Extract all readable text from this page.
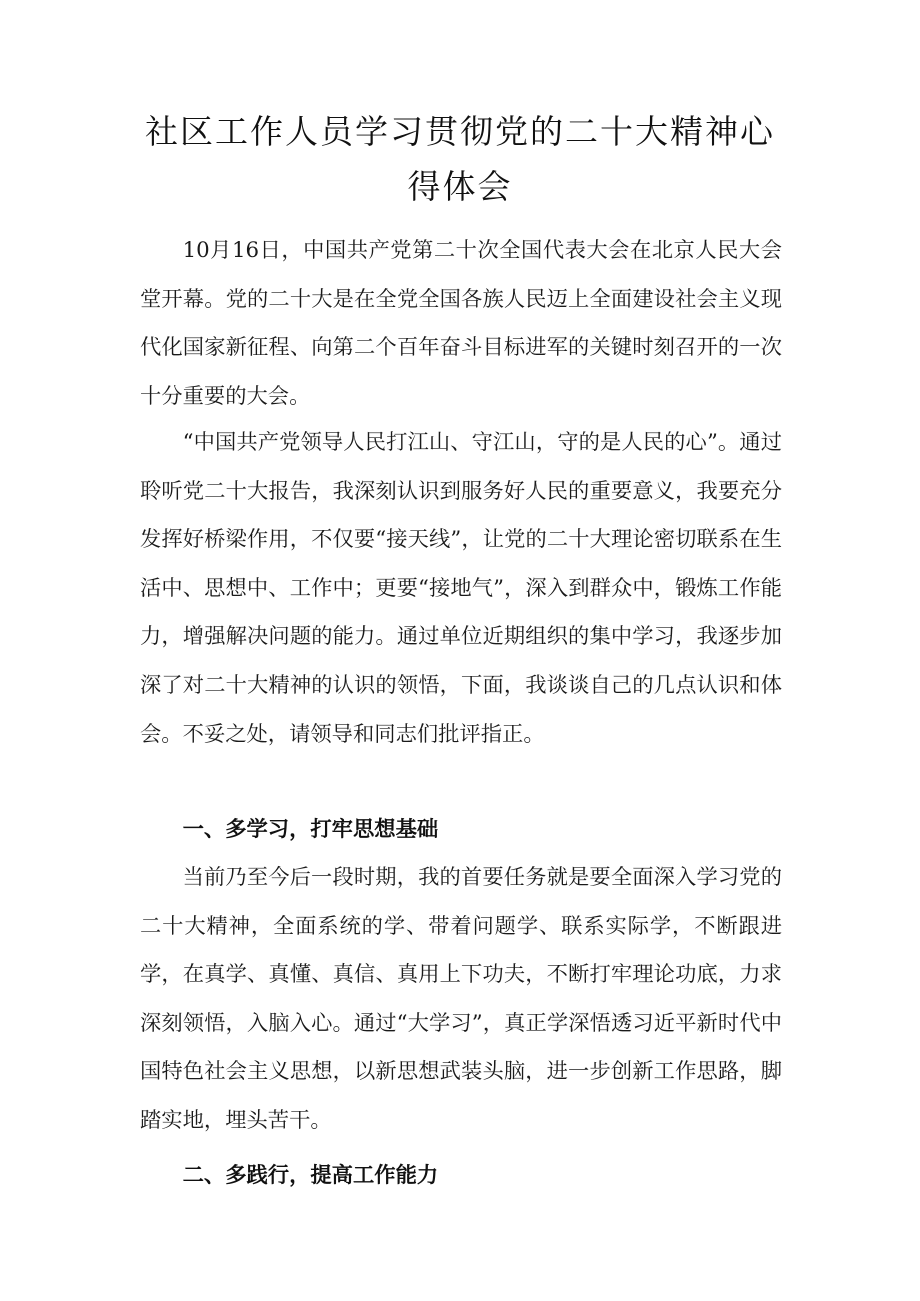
社区工作人员学习贯彻党的二十大精神心得体会

10月16日，中国共产党第二十次全国代表大会在北京人民大会堂开幕。党的二十大是在全党全国各族人民迈上全面建设社会主义现代化国家新征程、向第二个百年奋斗目标进军的关键时刻召开的一次十分重要的大会。

“中国共产党领导人民打江山、守江山，守的是人民的心”。通过聆听党二十大报告，我深刻认识到服务好人民的重要意义，我要充分发挥好桥梁作用，不仅要“接天线”，让党的二十大理论密切联系在生活中、思想中、工作中；更要“接地气”，深入到群众中，锻炼工作能力，增强解决问题的能力。通过单位近期组织的集中学习，我逐步加深了对二十大精神的认识的领悟，下面，我谈谈自己的几点认识和体会。不妥之处，请领导和同志们批评指正。

一、多学习，打牢思想基础

当前乃至今后一段时期，我的首要任务就是要全面深入学习党的二十大精神，全面系统的学、带着问题学、联系实际学，不断跟进学，在真学、真懂、真信、真用上下功夫，不断打牢理论功底，力求深刻领悟，入脑入心。通过“大学习”，真正学深悟透习近平新时代中国特色社会主义思想，以新思想武装头脑，进一步创新工作思路，脚踏实地，埋头苦干。

二、多践行，提高工作能力
